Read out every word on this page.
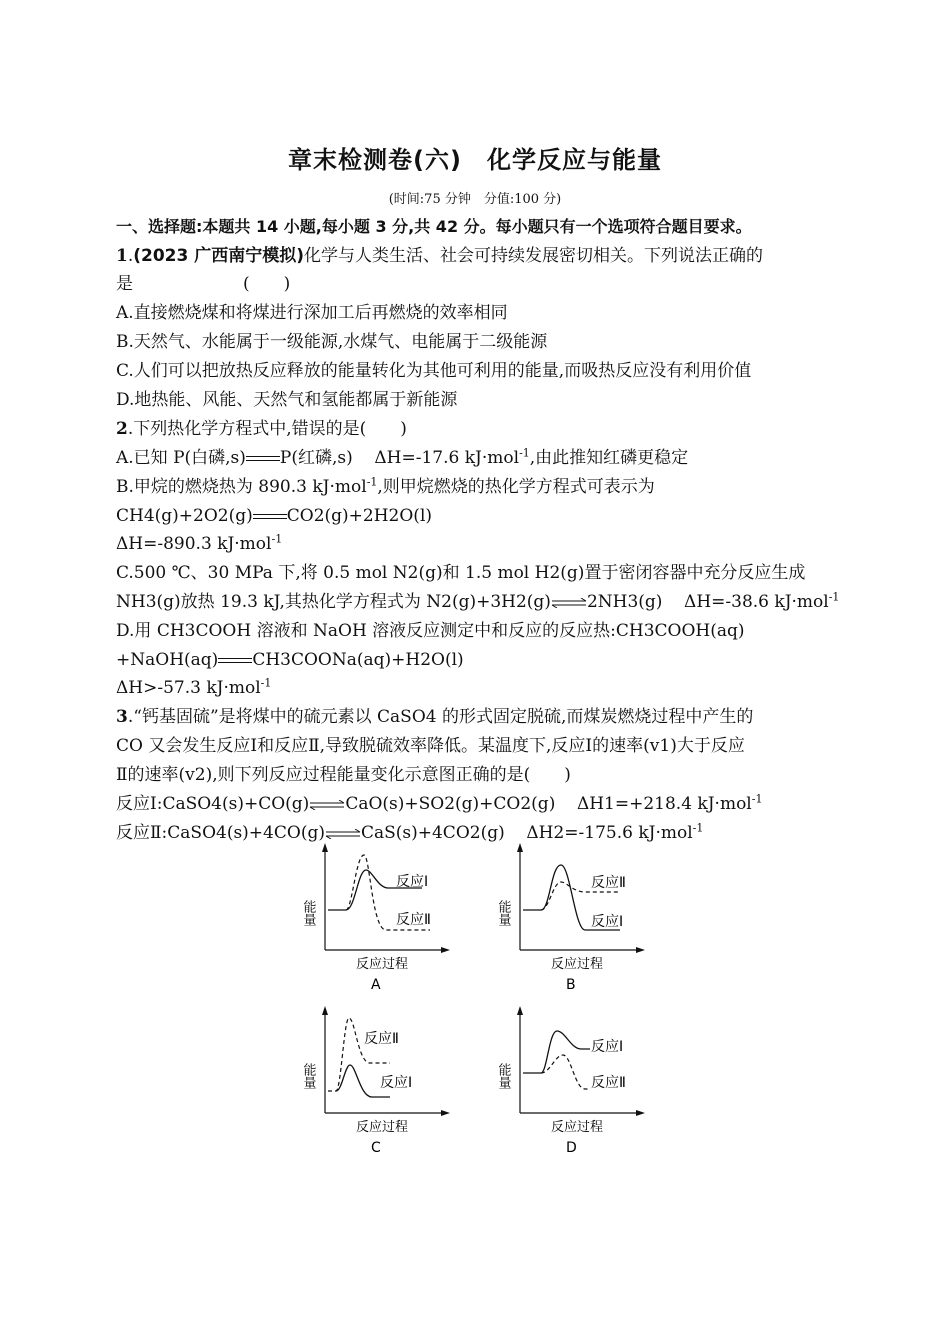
章末检测卷(六)　化学反应与能量
(时间:75 分钟　分值:100 分)
一、选择题:本题共 14 小题,每小题 3 分,共 42 分。每小题只有一个选项符合题目要求。
1.(2023 广西南宁模拟)化学与人类生活、社会可持续发展密切相关。下列说法正确的
是	(　　)
A.直接燃烧煤和将煤进行深加工后再燃烧的效率相同
B.天然气、水能属于一级能源,水煤气、电能属于二级能源
C.人们可以把放热反应释放的能量转化为其他可利用的能量,而吸热反应没有利用价值
D.地热能、风能、天然气和氢能都属于新能源
2.下列热化学方程式中,错误的是(　　)
A.已知 P(白磷,s) P(红磷,s) ΔH=-17.6 kJ·mol$^{-1}$,由此推知红磷更稳定
B.甲烷的燃烧热为 890.3 kJ·mol$^{-1}$,则甲烷燃烧的热化学方程式可表示为
CH4(g)+2O2(g) CO2(g)+2H2O(l)
ΔH=-890.3 kJ·mol$^{-1}$
C.500 ℃、30 MPa 下,将 0.5 mol N2(g)和 1.5 mol H2(g)置于密闭容器中充分反应生成
NH3(g)放热 19.3 kJ,其热化学方程式为 N2(g)+3H2(g)⇌2NH3(g) ΔH=-38.6 kJ·mol$^{-1}$
D.用 CH3COOH 溶液和 NaOH 溶液反应测定中和反应的反应热:CH3COOH(aq)
+NaOH(aq) CH3COONa(aq)+H2O(l)
ΔH>-57.3 kJ·mol$^{-1}$
3.“钙基固硫”是将煤中的硫元素以 CaSO4 的形式固定脱硫,而煤炭燃烧过程中产生的
CO 又会发生反应Ⅰ和反应Ⅱ,导致脱硫效率降低。某温度下,反应Ⅰ的速率(v1)大于反应
Ⅱ的速率(v2),则下列反应过程能量变化示意图正确的是(　　)
反应Ⅰ:CaSO4(s)+CO(g)⇌CaO(s)+SO2(g)+CO2(g) ΔH1=+218.4 kJ·mol$^{-1}$
反应Ⅱ:CaSO4(s)+4CO(g)⇌CaS(s)+4CO2(g) ΔH2=-175.6 kJ·mol$^{-1}$
反应Ⅰ
反应Ⅱ
能量
反应过程
A
反应Ⅱ
反应Ⅰ
能量
反应过程
B
反应Ⅱ
反应Ⅰ
能量
反应过程
C
反应Ⅰ
反应Ⅱ
能量
反应过程
D
